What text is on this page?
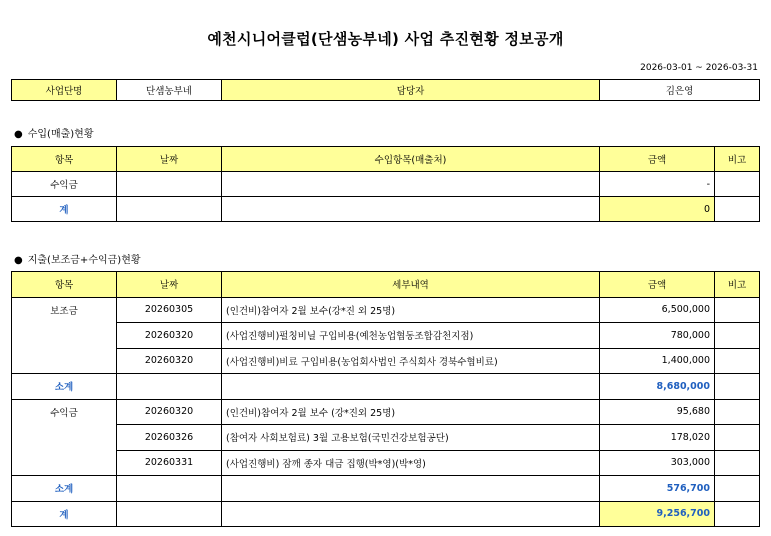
예천시니어클럽(단샘농부네) 사업 추진현황 정보공개
2026-03-01 ~ 2026-03-31
사업단명	단샘농부네	담당자	김은영
● 수입(매출)현황
항목	날짜	수입항목(매출처)	금액	비고
수익금			-	
계			0	
● 지출(보조금+수익금)현황
항목	날짜	세부내역	금액	비고
보조금	20260305	(인건비)참여자 2월 보수(강*진 외 25명)	6,500,000	
	20260320	(사업진행비)펄칭비닐 구입비용(예천농업협동조합감천지점)	780,000	
	20260320	(사업진행비)비료 구입비용(농업회사법인 주식회사 경북수협비료)	1,400,000	
소계			8,680,000	
수익금	20260320	(인건비)참여자 2월 보수 (강*진외 25명)	95,680	
	20260326	(참여자 사회보험료) 3월 고용보험(국민건강보험공단)	178,020	
	20260331	(사업진행비) 잠깨 종자 대금 집행(박*영)(박*영)	303,000	
소계			576,700	
계			9,256,700	
